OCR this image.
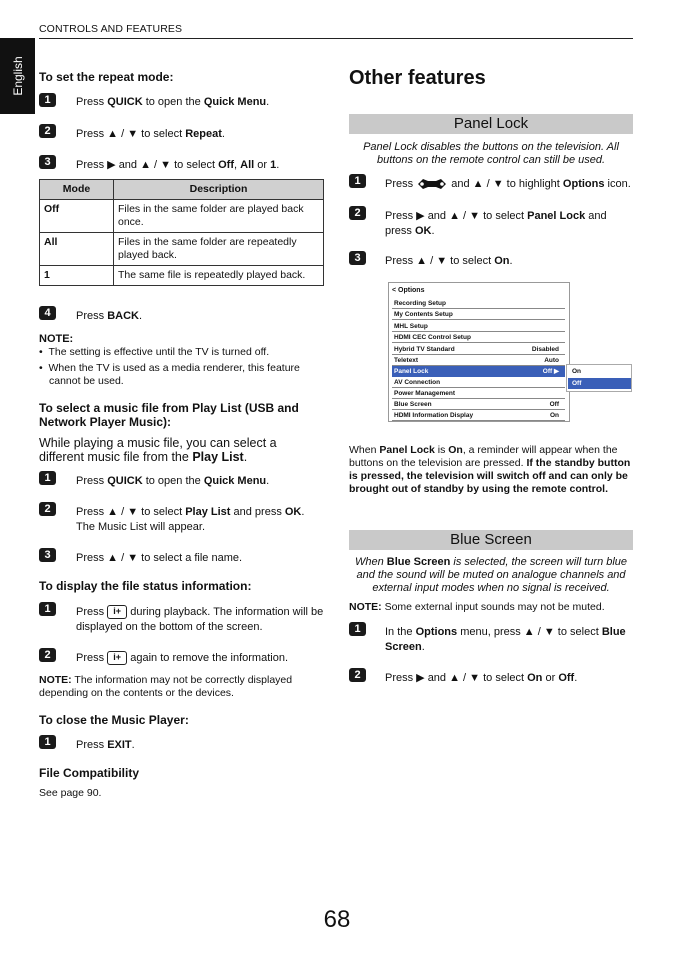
CONTROLS AND FEATURES
English To set the repeat mode:
1	Press QUICK to open the Quick Menu.
2	Press ▲ / ▼ to select Repeat.
3	Press ▶ and ▲ / ▼ to select Off, All or 1.
Mode	Description
Off	Files in the same folder are played back once.
All	Files in the same folder are repeatedly played back.
1	The same file is repeatedly played back.
4	Press BACK.
NOTE:
•  The setting is effective until the TV is turned off.
•  When the TV is used as a media renderer, this feature cannot be used.
To select a music file from Play List (USB and Network Player Music):
While playing a music file, you can select a different music file from the Play List.
1	Press QUICK to open the Quick Menu.
2	Press ▲ / ▼ to select Play List and press OK.
The Music List will appear.
3	Press ▲ / ▼ to select a file name.
To display the file status information:
1	Press i+ during playback. The information will be displayed on the bottom of the screen.
2	Press i+ again to remove the information.
NOTE: The information may not be correctly displayed depending on the contents or the devices.
To close the Music Player:
1	Press EXIT.
File Compatibility
See page 90.
Other features
Panel Lock
Panel Lock disables the buttons on the television. All buttons on the remote control can still be used.
1	Press	and ▲ / ▼ to highlight Options icon.
2	Press ▶ and ▲ / ▼ to select Panel Lock and press OK.
3	Press ▲ / ▼ to select On.
< Options
Recording Setup
My Contents Setup
MHL Setup
HDMI CEC Control Setup
Hybrid TV Standard	Disabled
Teletext	Auto
Panel Lock	Off ▶
AV Connection
Power Management
Blue Screen	Off
HDMI Information Display	On
On
Off
When Panel Lock is On, a reminder will appear when the buttons on the television are pressed. If the standby button is pressed, the television will switch off and can only be brought out of standby by using the remote control.
Blue Screen
When Blue Screen is selected, the screen will turn blue and the sound will be muted on analogue channels and external input modes when no signal is received.
NOTE: Some external input sounds may not be muted.
1	In the Options menu, press ▲ / ▼ to select Blue Screen.
2	Press ▶ and ▲ / ▼ to select On or Off.
68
